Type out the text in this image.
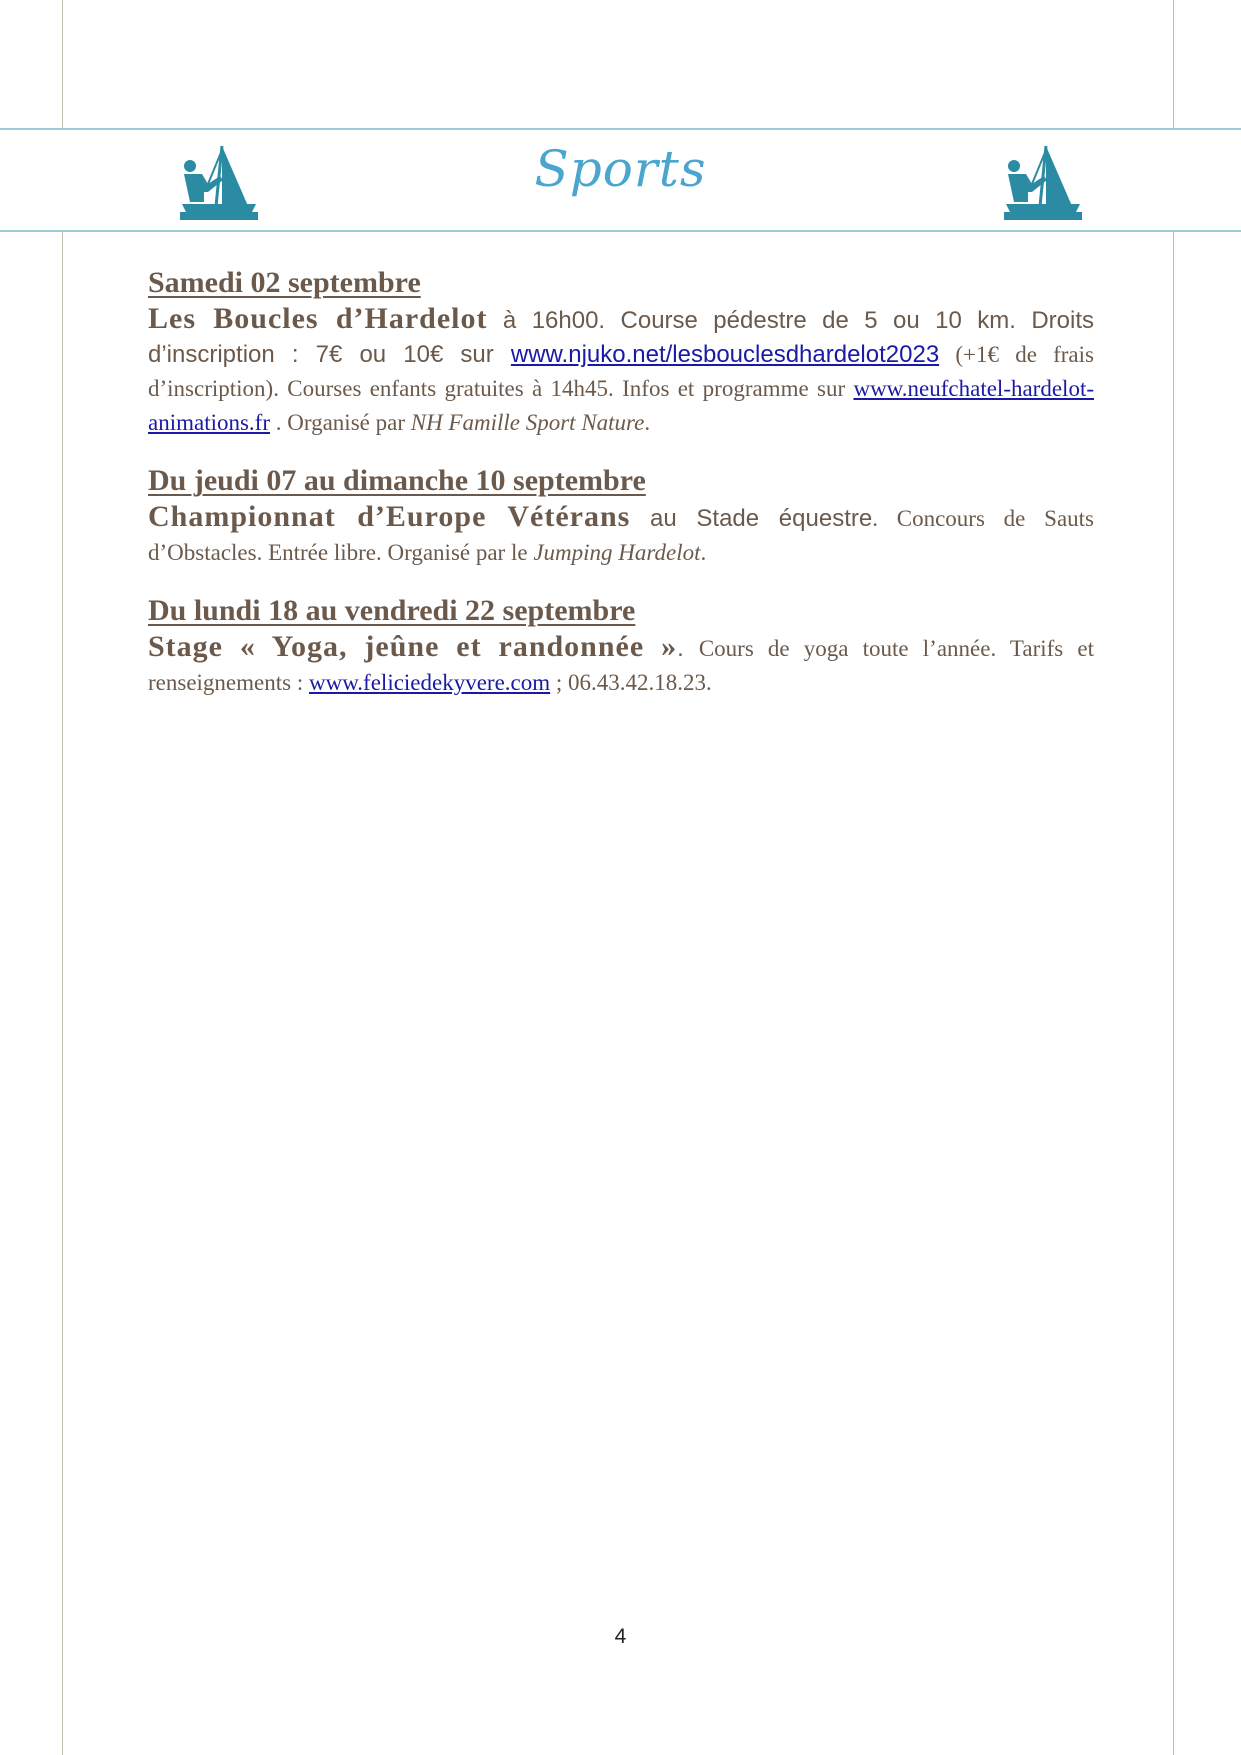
Sports
Samedi 02 septembre

Les Boucles d’Hardelot à 16h00. Course pédestre de 5 ou 10 km. Droits d’inscription : 7€ ou 10€ sur www.njuko.net/lesbouclesdhardelot2023 (+1€ de frais d’inscription). Courses enfants gratuites à 14h45. Infos et programme sur www.neufchatel-hardelot-animations.fr . Organisé par NH Famille Sport Nature.

Du jeudi 07 au dimanche 10 septembre

Championnat d’Europe Vétérans au Stade équestre. Concours de Sauts d’Obstacles. Entrée libre. Organisé par le Jumping Hardelot.

Du lundi 18 au vendredi 22 septembre

Stage « Yoga, jeûne et randonnée ». Cours de yoga toute l’année. Tarifs et renseignements : www.feliciedekyvere.com ; 06.43.42.18.23.

4
